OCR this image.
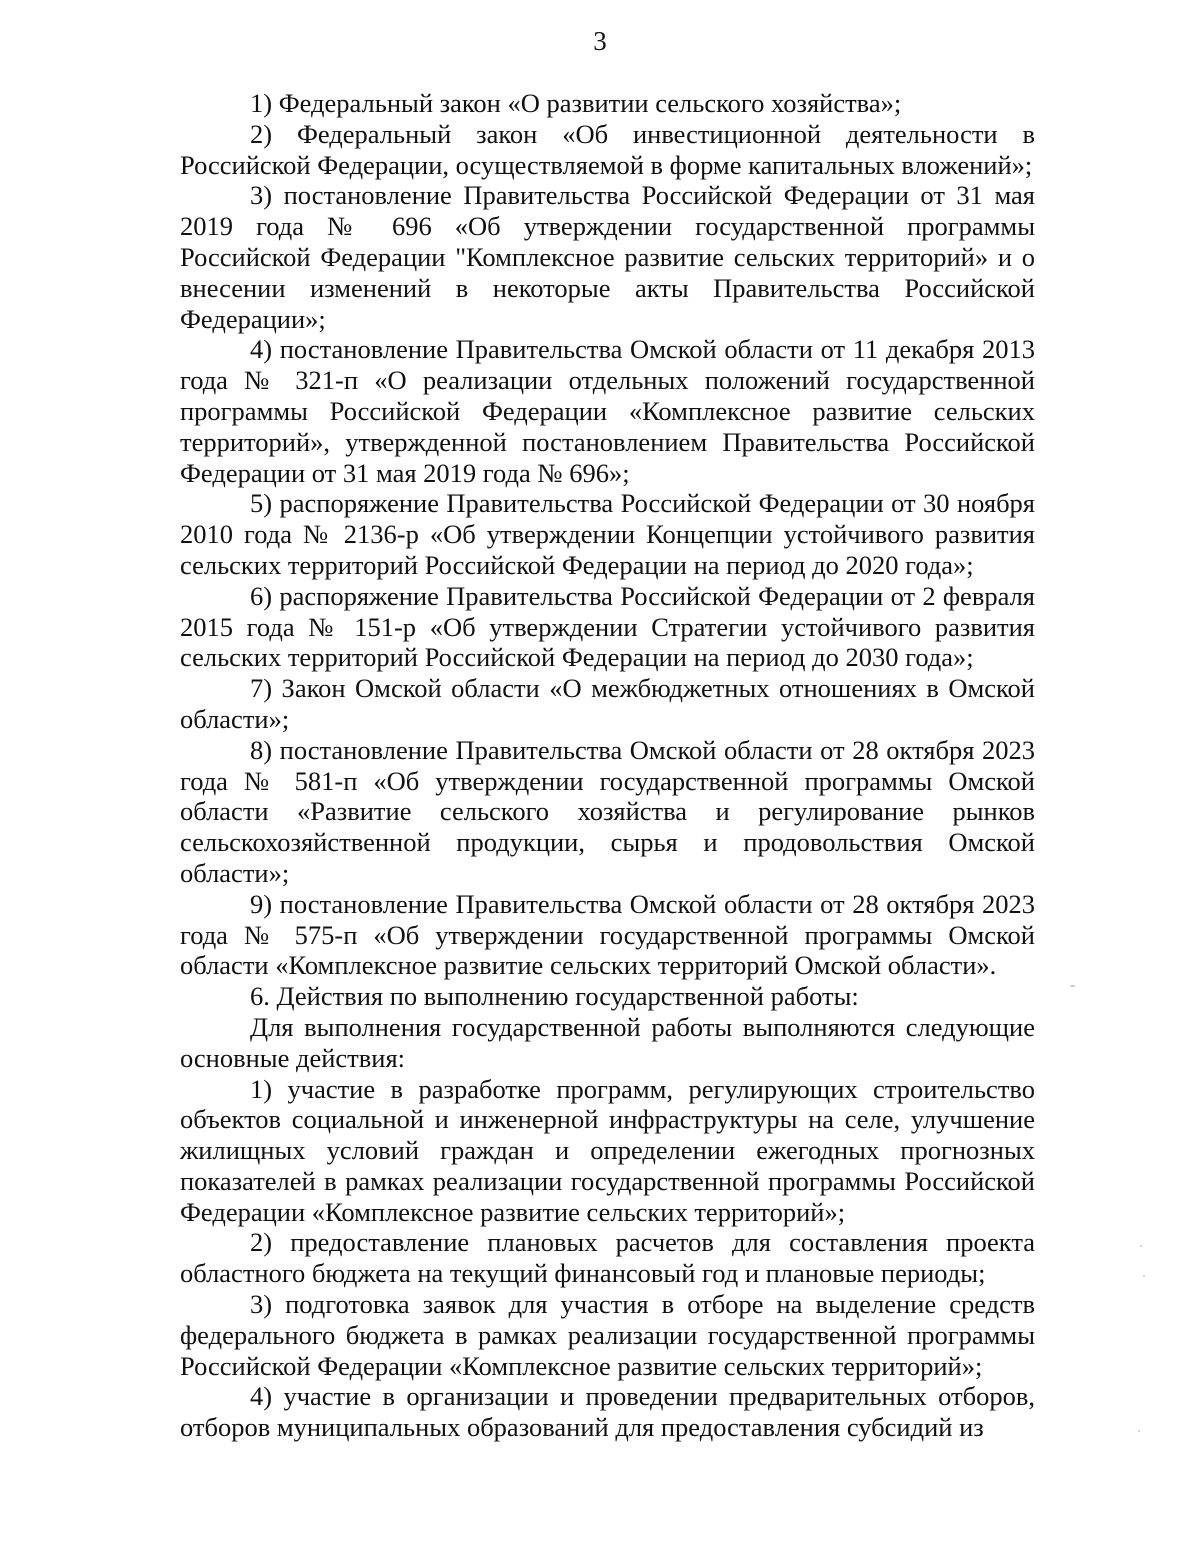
3

1) Федеральный закон «О развитии сельского хозяйства»;

2) Федеральный закон «Об инвестиционной деятельности в Российской Федерации, осуществляемой в форме капитальных вложений»;

3) постановление Правительства Российской Федерации от 31 мая 2019 года № 696 «Об утверждении государственной программы Российской Федерации "Комплексное развитие сельских территорий» и о внесении изменений в некоторые акты Правительства Российской Федерации»;

4) постановление Правительства Омской области от 11 декабря 2013 года № 321-п «О реализации отдельных положений государственной программы Российской Федерации «Комплексное развитие сельских территорий», утвержденной постановлением Правительства Российской Федерации от 31 мая 2019 года № 696»;

5) распоряжение Правительства Российской Федерации от 30 ноября 2010 года № 2136-р «Об утверждении Концепции устойчивого развития сельских территорий Российской Федерации на период до 2020 года»;

6) распоряжение Правительства Российской Федерации от 2 февраля 2015 года № 151-р «Об утверждении Стратегии устойчивого развития сельских территорий Российской Федерации на период до 2030 года»;

7) Закон Омской области «О межбюджетных отношениях в Омской области»;

8) постановление Правительства Омской области от 28 октября 2023 года № 581-п «Об утверждении государственной программы Омской области «Развитие сельского хозяйства и регулирование рынков сельскохозяйственной продукции, сырья и продовольствия Омской области»;

9) постановление Правительства Омской области от 28 октября 2023 года № 575-п «Об утверждении государственной программы Омской области «Комплексное развитие сельских территорий Омской области».

6. Действия по выполнению государственной работы:

Для выполнения государственной работы выполняются следующие основные действия:

1) участие в разработке программ, регулирующих строительство объектов социальной и инженерной инфраструктуры на селе, улучшение жилищных условий граждан и определении ежегодных прогнозных показателей в рамках реализации государственной программы Российской Федерации «Комплексное развитие сельских территорий»;

2) предоставление плановых расчетов для составления проекта областного бюджета на текущий финансовый год и плановые периоды;

3) подготовка заявок для участия в отборе на выделение средств федерального бюджета в рамках реализации государственной программы Российской Федерации «Комплексное развитие сельских территорий»;

4) участие в организации и проведении предварительных отборов, отборов муниципальных образований для предоставления субсидий из
